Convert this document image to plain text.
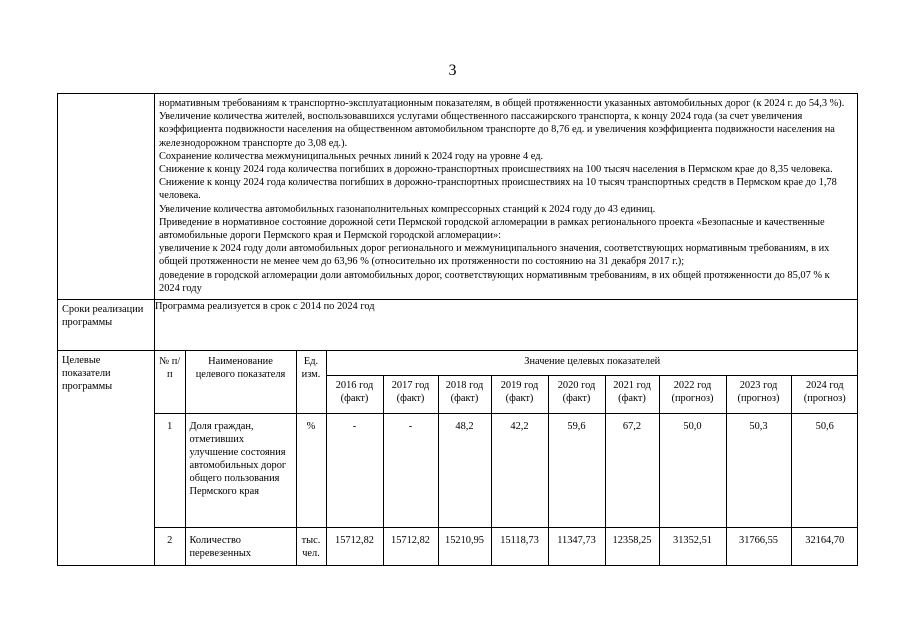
3

нормативным требованиям к транспортно-эксплуатационным показателям, в общей протяженности указанных автомобильных дорог (к 2024 г. до 54,3 %).

Увеличение количества жителей, воспользовавшихся услугами общественного пассажирского транспорта, к концу 2024 года (за счет увеличения коэффициента подвижности населения на общественном автомобильном транспорте до 8,76 ед. и увеличения коэффициента подвижности населения на железнодорожном транспорте до 3,08 ед.).

Сохранение количества межмуниципальных речных линий к 2024 году на уровне 4 ед.

Снижение к концу 2024 года количества погибших в дорожно-транспортных происшествиях на 100 тысяч населения в Пермском крае до 8,35 человека.

Снижение к концу 2024 года количества погибших в дорожно-транспортных происшествиях на 10 тысяч транспортных средств в Пермском крае до 1,78 человека.

Увеличение количества автомобильных газонаполнительных компрессорных станций к 2024 году до 43 единиц.

Приведение в нормативное состояние дорожной сети Пермской городской агломерации в рамках регионального проекта «Безопасные и качественные автомобильные дороги Пермского края и Пермской городской агломерации»:

увеличение к 2024 году доли автомобильных дорог регионального и межмуниципального значения, соответствующих нормативным требованиям, в их общей протяженности не менее чем до 63,96 % (относительно их протяженности по состоянию на 31 декабря 2017 г.);

доведение в городской агломерации доли автомобильных дорог, соответствующих нормативным требованиям, в их общей протяженности до 85,07 % к 2024 году

Сроки реализации программы	Программа реализуется в срок с 2014 по 2024 год
Целевые показатели программы	
№ п/п	Наименование целевого показателя	Ед. изм.	Значение целевых показателей
2016 год (факт)	2017 год (факт)	2018 год (факт)	2019 год (факт)	2020 год (факт)	2021 год (факт)	2022 год (прогноз)	2023 год (прогноз)	2024 год (прогноз)
1	Доля граждан, отметивших улучшение состояния автомобильных дорог общего пользования Пермского края	%	-	-	48,2	42,2	59,6	67,2	50,0	50,3	50,6
2	Количество перевезенных	тыс. чел.	15712,82	15712,82	15210,95	15118,73	11347,73	12358,25	31352,51	31766,55	32164,70
